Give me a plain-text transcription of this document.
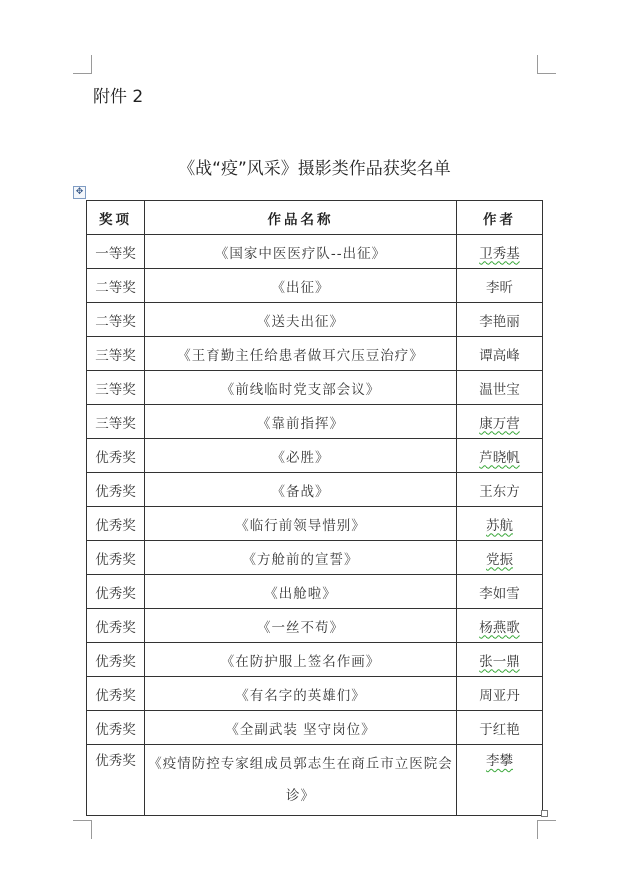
附件 2
《战“疫”风采》摄影类作品获奖名单
✥
奖项	作品名称	作者
一等奖	《国家中医医疗队--出征》	卫秀基
二等奖	《出征》	李昕
二等奖	《送夫出征》	李艳丽
三等奖	《王育勤主任给患者做耳穴压豆治疗》	谭高峰
三等奖	《前线临时党支部会议》	温世宝
三等奖	《靠前指挥》	康万营
优秀奖	《必胜》	芦晓帆
优秀奖	《备战》	王东方
优秀奖	《临行前领导惜别》	苏航
优秀奖	《方舱前的宣誓》	党振
优秀奖	《出舱啦》	李如雪
优秀奖	《一丝不苟》	杨燕歌
优秀奖	《在防护服上签名作画》	张一鼎
优秀奖	《有名字的英雄们》	周亚丹
优秀奖	《全副武装 坚守岗位》	于红艳
优秀奖	《疫情防控专家组成员郭志生在商丘市立医院会诊》	李攀
